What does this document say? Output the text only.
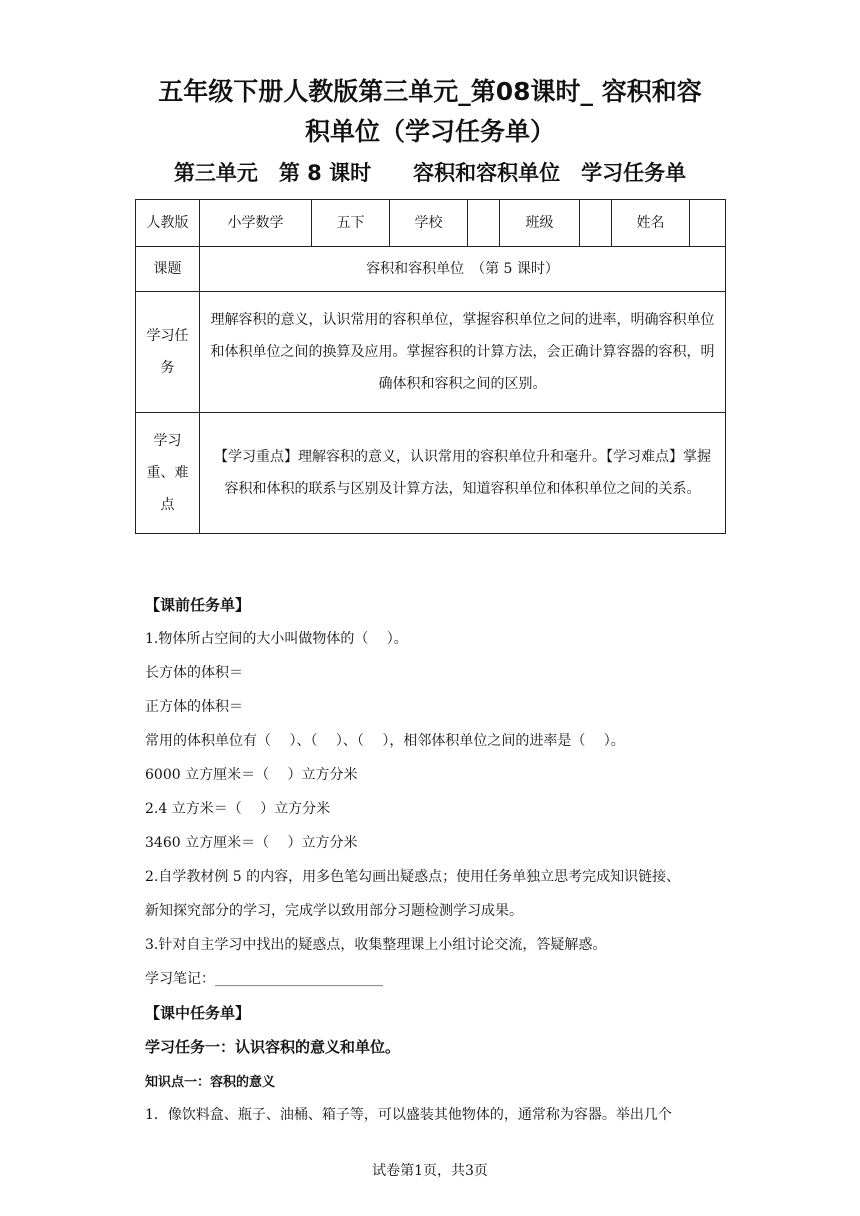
五年级下册人教版第三单元_第08课时_ 容积和容
积单位（学习任务单）
第三单元　第 8 课时　　容积和容积单位　学习任务单
人教版	小学数学	五下	学校		班级		姓名	
课题	容积和容积单位　（第 5 课时）							
学习任务	理解容积的意义，认识常用的容积单位，掌握容积单位之间的进率，明确容积单位和体积单位之间的换算及应用。掌握容积的计算方法，会正确计算容器的容积，明确体积和容积之间的区别。							
学习重、难点	【学习重点】理解容积的意义，认识常用的容积单位升和毫升。【学习难点】掌握容积和体积的联系与区别及计算方法，知道容积单位和体积单位之间的关系。							
【课前任务单】
1.物体所占空间的大小叫做物体的（　 ）。
长方体的体积＝
正方体的体积＝
常用的体积单位有（　 ）、（　 ）、（　 ），相邻体积单位之间的进率是（　 ）。
6000 立方厘米＝（　 ）立方分米
2.4 立方米＝（　 ）立方分米
3460 立方厘米＝（　 ）立方分米
2.自学教材例 5 的内容，用多色笔勾画出疑惑点；使用任务单独立思考完成知识链接、
新知探究部分的学习，完成学以致用部分习题检测学习成果。
3.针对自主学习中找出的疑惑点，收集整理课上小组讨论交流，答疑解惑。
学习笔记：________________________
【课中任务单】
学习任务一：认识容积的意义和单位。
知识点一：容积的意义
1．像饮料盒、瓶子、油桶、箱子等，可以盛装其他物体的，通常称为容器。举出几个
试卷第1页，共3页
